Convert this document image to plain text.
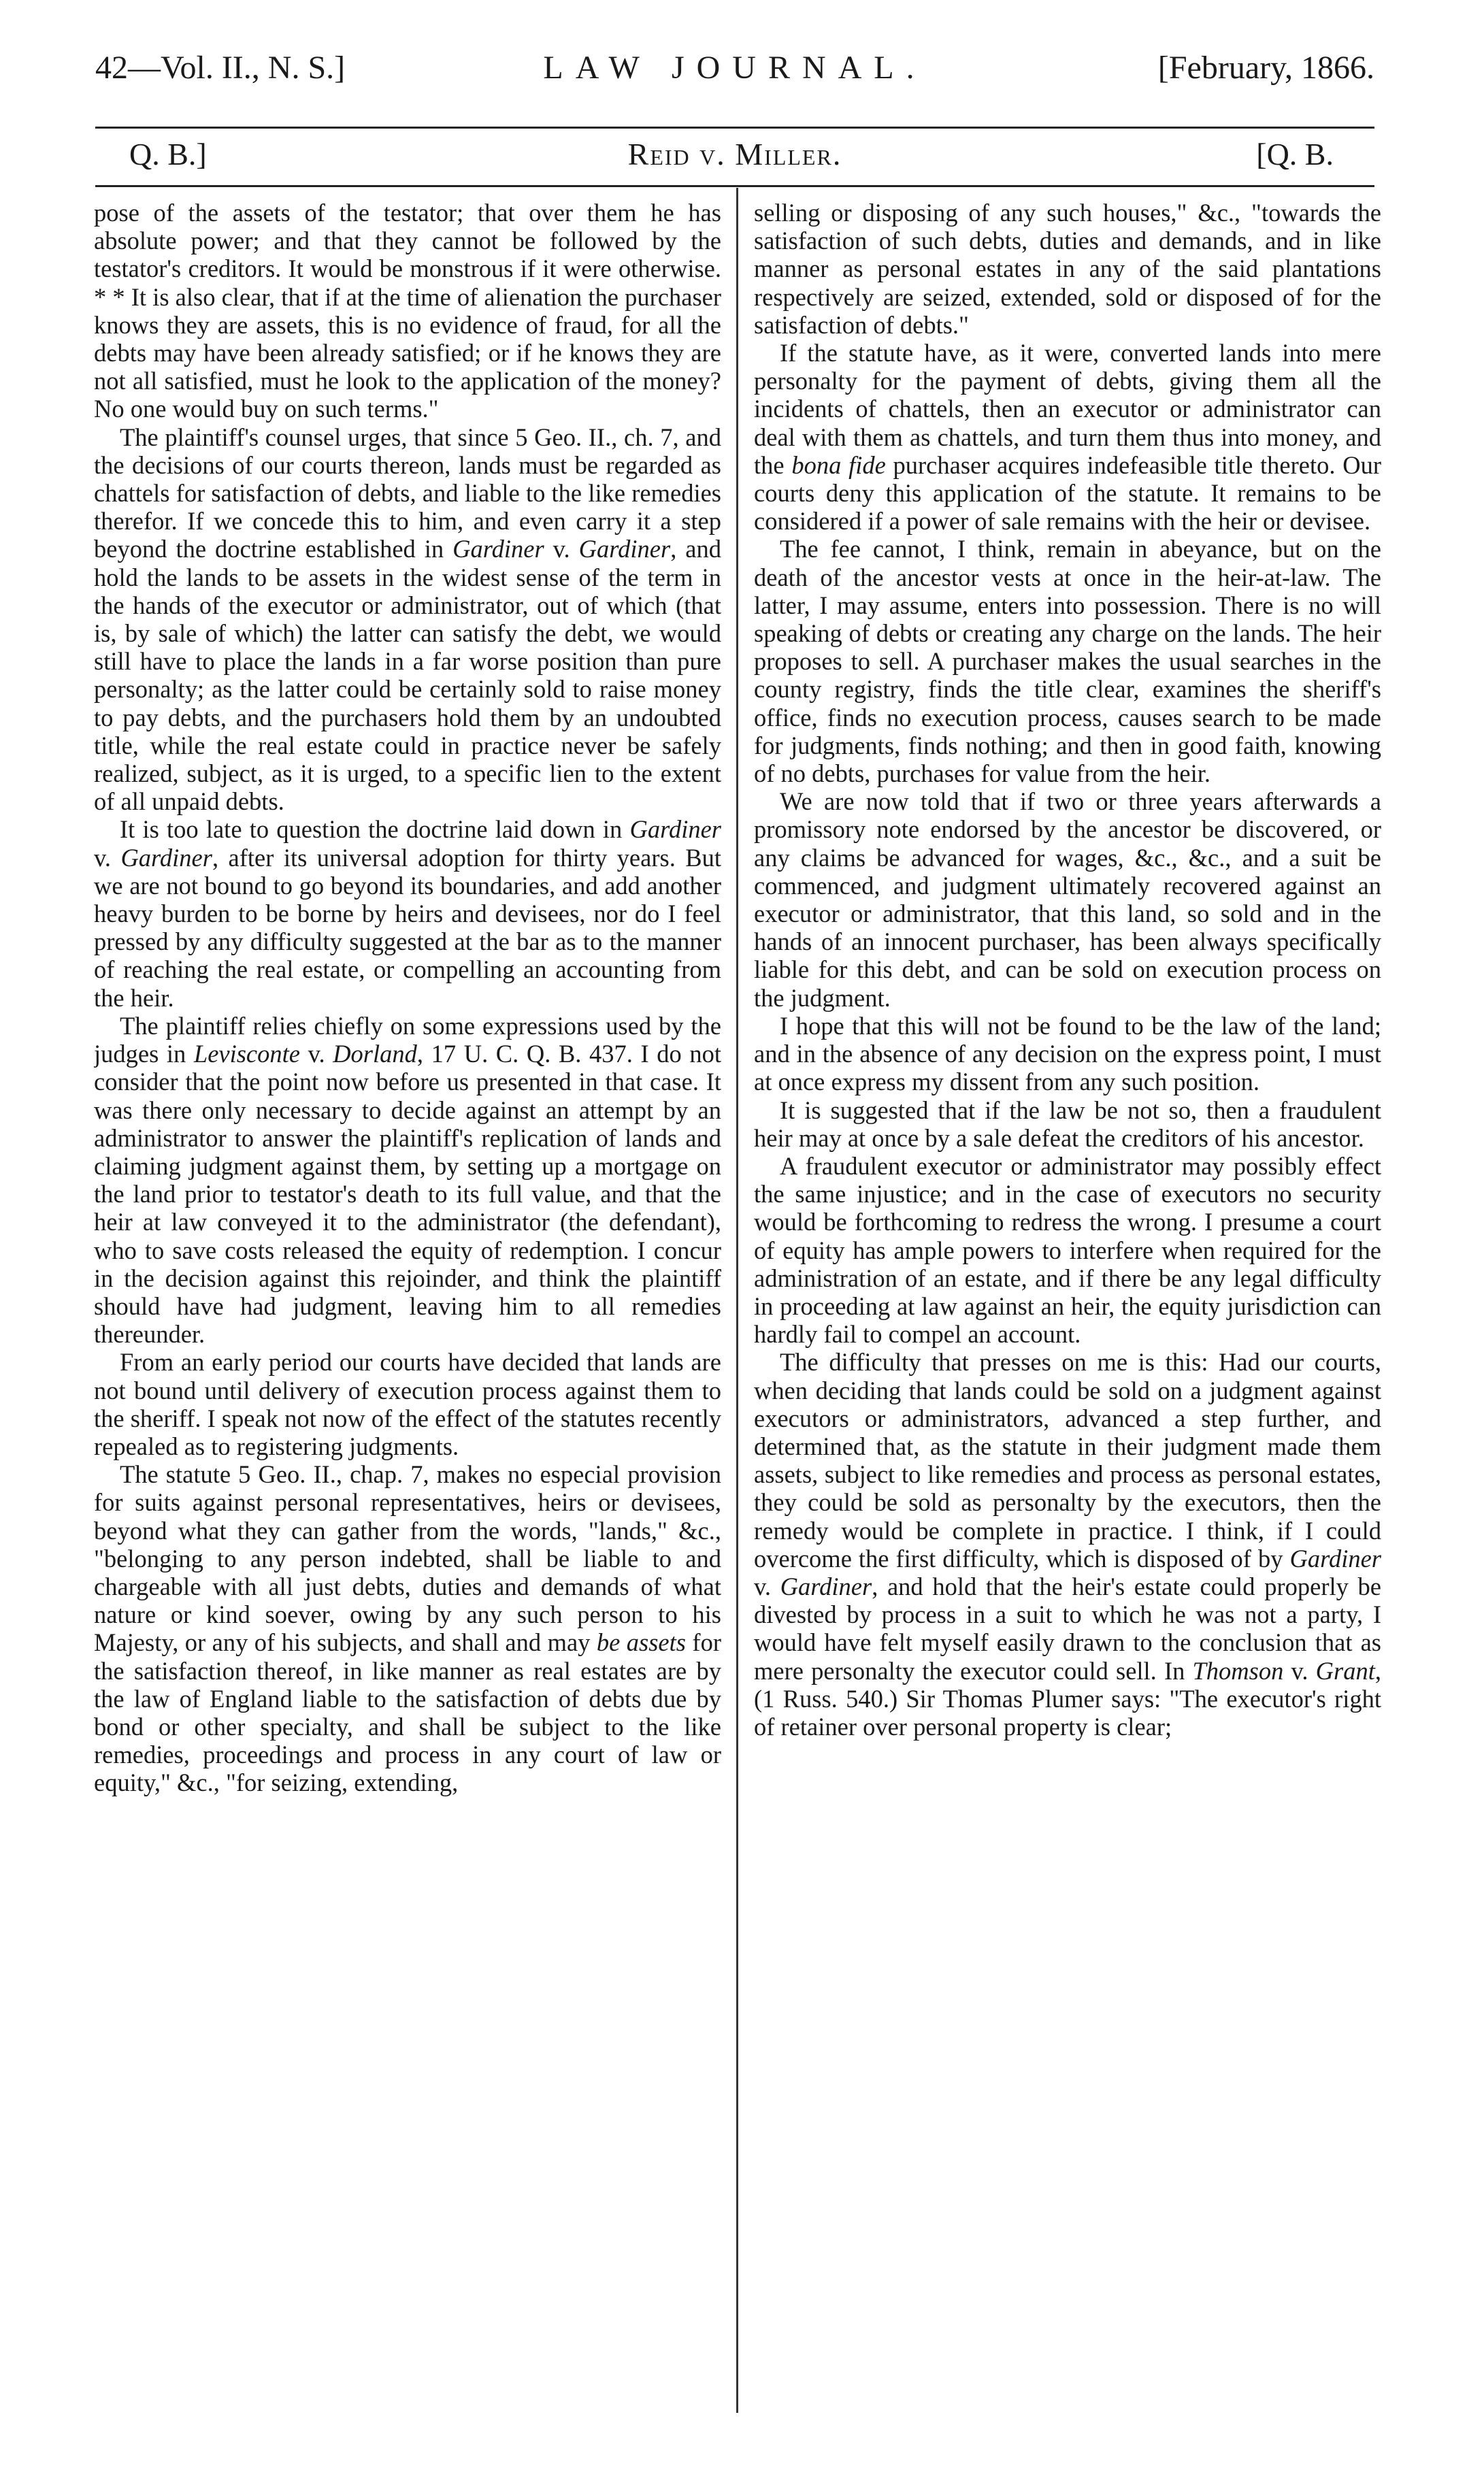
42—Vol. II., N. S.]	LAW JOURNAL.	[February, 1866.
Q. B.]	Reid v. Miller.	[Q. B.

pose of the assets of the testator; that over them he has absolute power; and that they cannot be followed by the testator's creditors. It would be monstrous if it were otherwise. * * It is also clear, that if at the time of alienation the purchaser knows they are assets, this is no evidence of fraud, for all the debts may have been already satisfied; or if he knows they are not all satisfied, must he look to the application of the money? No one would buy on such terms."

The plaintiff's counsel urges, that since 5 Geo. II., ch. 7, and the decisions of our courts thereon, lands must be regarded as chattels for satisfaction of debts, and liable to the like remedies therefor. If we concede this to him, and even carry it a step beyond the doctrine established in Gardiner v. Gardiner, and hold the lands to be assets in the widest sense of the term in the hands of the executor or administrator, out of which (that is, by sale of which) the latter can satisfy the debt, we would still have to place the lands in a far worse position than pure personalty; as the latter could be certainly sold to raise money to pay debts, and the purchasers hold them by an undoubted title, while the real estate could in practice never be safely realized, subject, as it is urged, to a specific lien to the extent of all unpaid debts.

It is too late to question the doctrine laid down in Gardiner v. Gardiner, after its universal adoption for thirty years. But we are not bound to go beyond its boundaries, and add another heavy burden to be borne by heirs and devisees, nor do I feel pressed by any difficulty suggested at the bar as to the manner of reaching the real estate, or compelling an accounting from the heir.

The plaintiff relies chiefly on some expressions used by the judges in Levisconte v. Dorland, 17 U. C. Q. B. 437. I do not consider that the point now before us presented in that case. It was there only necessary to decide against an attempt by an administrator to answer the plaintiff's replication of lands and claiming judgment against them, by setting up a mortgage on the land prior to testator's death to its full value, and that the heir at law conveyed it to the administrator (the defendant), who to save costs released the equity of redemption. I concur in the decision against this rejoinder, and think the plaintiff should have had judgment, leaving him to all remedies thereunder.

From an early period our courts have decided that lands are not bound until delivery of execution process against them to the sheriff. I speak not now of the effect of the statutes recently repealed as to registering judgments.

The statute 5 Geo. II., chap. 7, makes no especial provision for suits against personal representatives, heirs or devisees, beyond what they can gather from the words, "lands," &c., "belonging to any person indebted, shall be liable to and chargeable with all just debts, duties and demands of what nature or kind soever, owing by any such person to his Majesty, or any of his subjects, and shall and may be assets for the satisfaction thereof, in like manner as real estates are by the law of England liable to the satisfaction of debts due by bond or other specialty, and shall be subject to the like remedies, proceedings and process in any court of law or equity," &c., "for seizing, extending,

selling or disposing of any such houses," &c., "towards the satisfaction of such debts, duties and demands, and in like manner as personal estates in any of the said plantations respectively are seized, extended, sold or disposed of for the satisfaction of debts."

If the statute have, as it were, converted lands into mere personalty for the payment of debts, giving them all the incidents of chattels, then an executor or administrator can deal with them as chattels, and turn them thus into money, and the bona fide purchaser acquires indefeasible title thereto. Our courts deny this application of the statute. It remains to be considered if a power of sale remains with the heir or devisee.

The fee cannot, I think, remain in abeyance, but on the death of the ancestor vests at once in the heir-at-law. The latter, I may assume, enters into possession. There is no will speaking of debts or creating any charge on the lands. The heir proposes to sell. A purchaser makes the usual searches in the county registry, finds the title clear, examines the sheriff's office, finds no execution process, causes search to be made for judgments, finds nothing; and then in good faith, knowing of no debts, purchases for value from the heir.

We are now told that if two or three years afterwards a promissory note endorsed by the ancestor be discovered, or any claims be advanced for wages, &c., &c., and a suit be commenced, and judgment ultimately recovered against an executor or administrator, that this land, so sold and in the hands of an innocent purchaser, has been always specifically liable for this debt, and can be sold on execution process on the judgment.

I hope that this will not be found to be the law of the land; and in the absence of any decision on the express point, I must at once express my dissent from any such position.

It is suggested that if the law be not so, then a fraudulent heir may at once by a sale defeat the creditors of his ancestor.

A fraudulent executor or administrator may possibly effect the same injustice; and in the case of executors no security would be forthcoming to redress the wrong. I presume a court of equity has ample powers to interfere when required for the administration of an estate, and if there be any legal difficulty in proceeding at law against an heir, the equity jurisdiction can hardly fail to compel an account.

The difficulty that presses on me is this: Had our courts, when deciding that lands could be sold on a judgment against executors or administrators, advanced a step further, and determined that, as the statute in their judgment made them assets, subject to like remedies and process as personal estates, they could be sold as personalty by the executors, then the remedy would be complete in practice. I think, if I could overcome the first difficulty, which is disposed of by Gardiner v. Gardiner, and hold that the heir's estate could properly be divested by process in a suit to which he was not a party, I would have felt myself easily drawn to the conclusion that as mere personalty the executor could sell. In Thomson v. Grant, (1 Russ. 540.) Sir Thomas Plumer says: "The executor's right of retainer over personal property is clear;
